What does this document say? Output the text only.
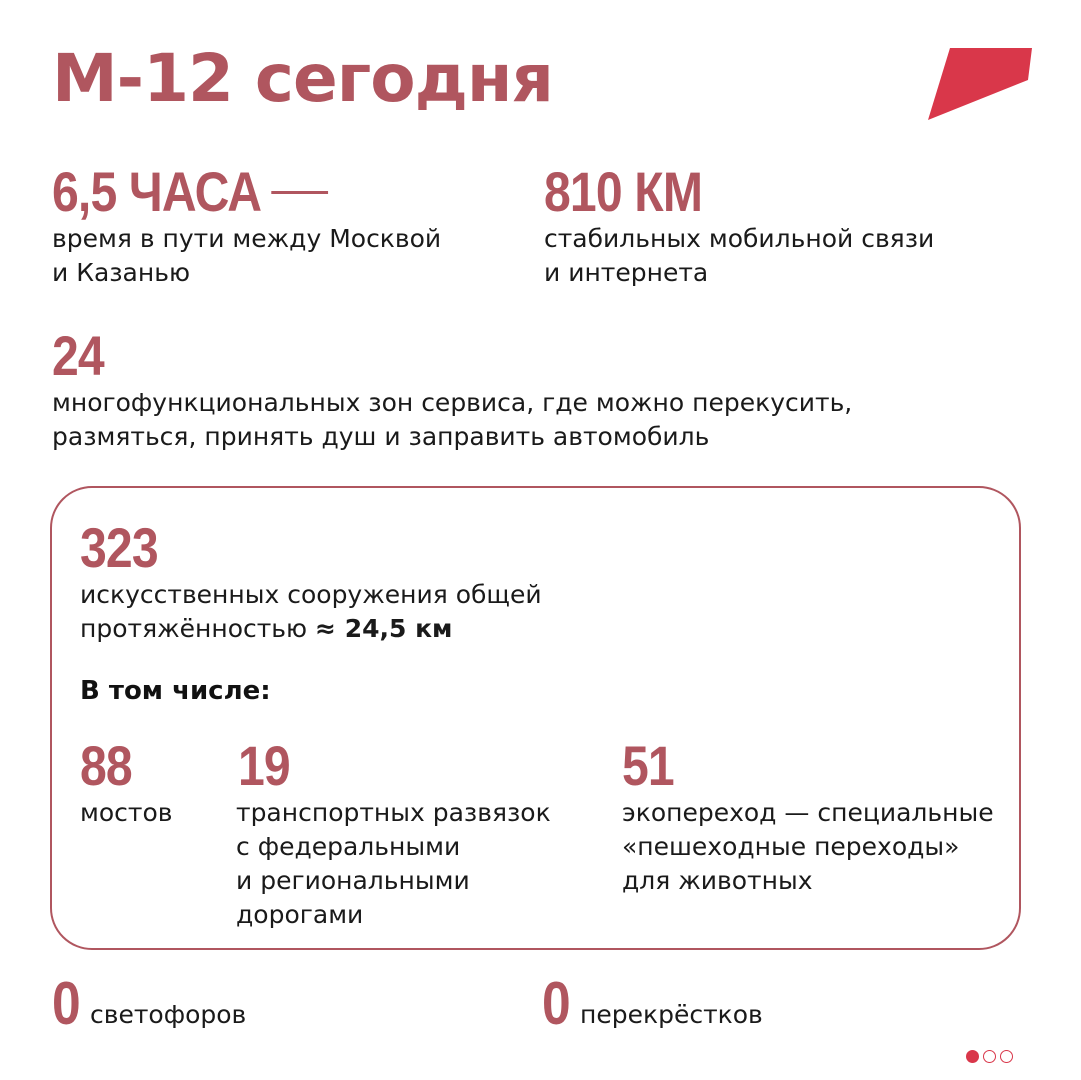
М-12 сегодня
6,5 ЧАСА
время в пути между Москвой
и Казанью
810 КМ
стабильных мобильной связи
и интернета
24
многофункциональных зон сервиса, где можно перекусить,
размяться, принять душ и заправить автомобиль
323
искусственных сооружения общей
протяжённостью ≈ 24,5 км
В том числе:
88
мостов
19
транспортных развязок
с федеральными
и региональными
дорогами
51
экопереход — специальные
«пешеходные переходы»
для животных
0 светофоров	0 перекрёстков
